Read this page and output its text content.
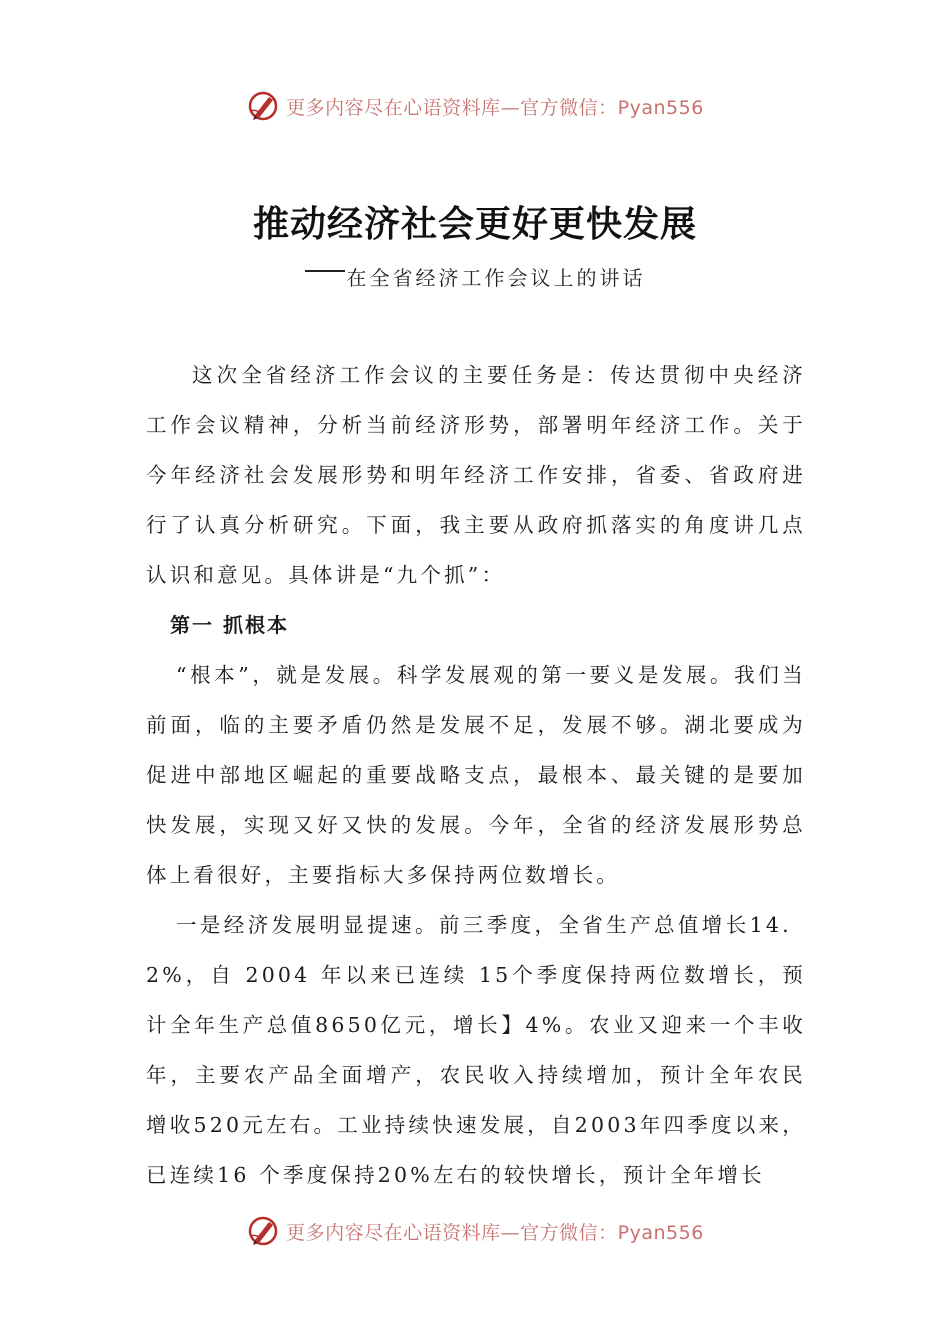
更多内容尽在心语资料库—官方微信：Pyan556
推动经济社会更好更快发展
在全省经济工作会议上的讲话

这次全省经济工作会议的主要任务是：传达贯彻中央经济工作会议精神，分析当前经济形势，部署明年经济工作。关于今年经济社会发展形势和明年经济工作安排，省委、省政府进行了认真分析研究。下面，我主要从政府抓落实的角度讲几点认识和意见。具体讲是“九个抓”：

第一 抓根本

“根本”，就是发展。科学发展观的第一要义是发展。我们当前面，临的主要矛盾仍然是发展不足，发展不够。湖北要成为促进中部地区崛起的重要战略支点，最根本、最关键的是要加快发展，实现又好又快的发展。今年，全省的经济发展形势总体上看很好，主要指标大多保持两位数增长。

一是经济发展明显提速。前三季度，全省生产总值增长14．2%，自 2004 年以来已连续 15个季度保持两位数增长，预计全年生产总值8650亿元，增长】4%。农业又迎来一个丰收年，主要农产品全面增产，农民收入持续增加，预计全年农民增收520元左右。工业持续快速发展，自2003年四季度以来，已连续16 个季度保持20%左右的较快增长，预计全年增长

更多内容尽在心语资料库—官方微信：Pyan556
